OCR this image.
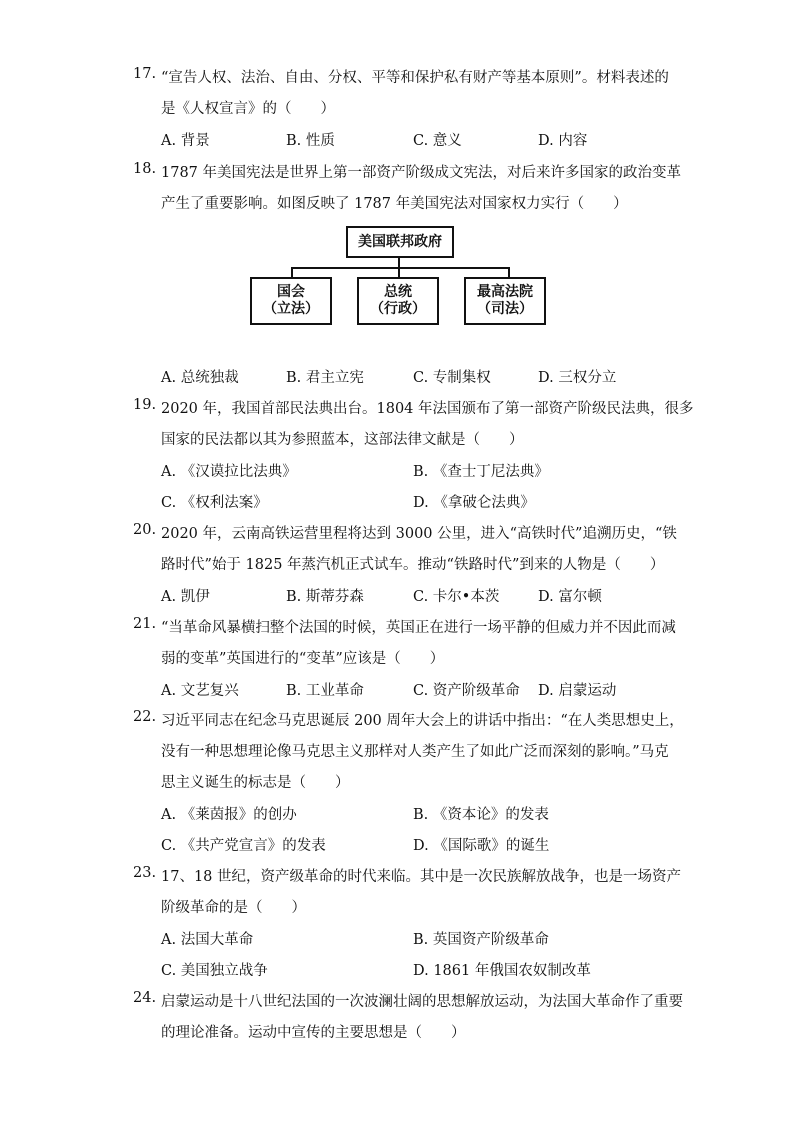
17. “宣告人权、法治、自由、分权、平等和保护私有财产等基本原则”。材料表述的
是《人权宣言》的（　　）
A. 背景	B. 性质	C. 意义	D. 内容
18. 1787 年美国宪法是世界上第一部资产阶级成文宪法，对后来许多国家的政治变革
产生了重要影响。如图反映了 1787 年美国宪法对国家权力实行（　　）
A. 总统独裁	B. 君主立宪	C. 专制集权	D. 三权分立
美国联邦政府
国会
（立法）
总统
（行政）
最高法院
（司法）
19. 2020 年，我国首部民法典出台。1804 年法国颁布了第一部资产阶级民法典，很多
国家的民法都以其为参照蓝本，这部法律文献是（　　）
A. 《汉谟拉比法典》	B. 《查士丁尼法典》
C. 《权利法案》	D. 《拿破仑法典》
20. 2020 年，云南高铁运营里程将达到 3000 公里，进入“高铁时代”追溯历史，“铁
路时代”始于 1825 年蒸汽机正式试车。推动“铁路时代”到来的人物是（　　）
A. 凯伊	B. 斯蒂芬森	C. 卡尔•本茨	D. 富尔顿
21. “当革命风暴横扫整个法国的时候，英国正在进行一场平静的但威力并不因此而减
弱的变革”英国进行的“变革”应该是（　　）
A. 文艺复兴	B. 工业革命	C. 资产阶级革命 D. 启蒙运动
22. 习近平同志在纪念马克思诞辰 200 周年大会上的讲话中指出：“在人类思想史上，
没有一种思想理论像马克思主义那样对人类产生了如此广泛而深刻的影响。”马克
思主义诞生的标志是（　　）
A. 《莱茵报》的创办	B. 《资本论》的发表
C. 《共产党宣言》的发表	D. 《国际歌》的诞生
23. 17、18 世纪，资产级革命的时代来临。其中是一次民族解放战争，也是一场资产
阶级革命的是（　　）
A. 法国大革命	B. 英国资产阶级革命
C. 美国独立战争	D. 1861 年俄国农奴制改革
24. 启蒙运动是十八世纪法国的一次波澜壮阔的思想解放运动，为法国大革命作了重要
的理论准备。运动中宣传的主要思想是（　　）
